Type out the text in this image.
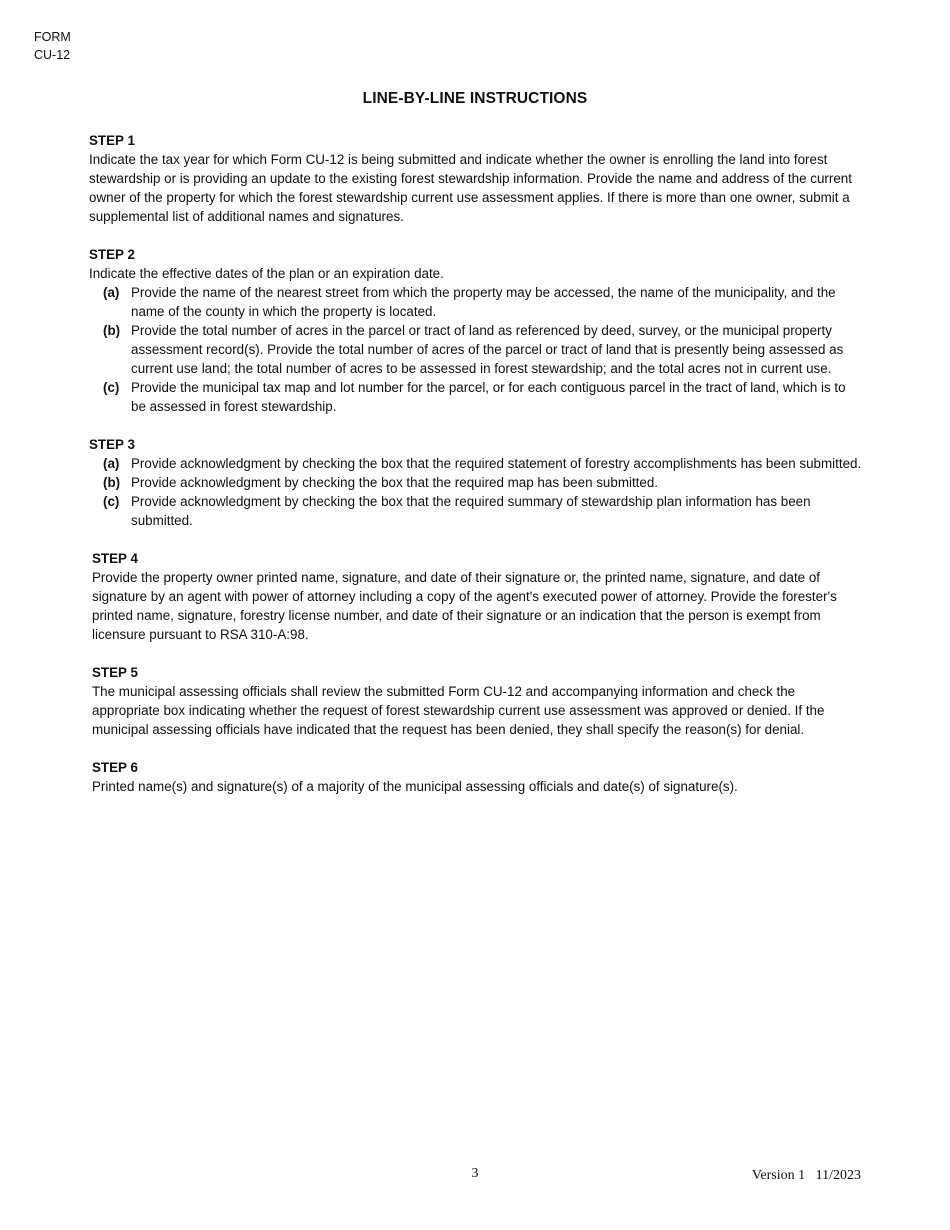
FORM
CU-12
LINE-BY-LINE INSTRUCTIONS
STEP 1

Indicate the tax year for which Form CU-12 is being submitted and indicate whether the owner is enrolling the land into forest stewardship or is providing an update to the existing forest stewardship information. Provide the name and address of the current owner of the property for which the forest stewardship current use assessment applies. If there is more than one owner, submit a supplemental list of additional names and signatures.

STEP 2

Indicate the effective dates of the plan or an expiration date.

(a) Provide the name of the nearest street from which the property may be accessed, the name of the municipality, and the name of the county in which the property is located.
(b) Provide the total number of acres in the parcel or tract of land as referenced by deed, survey, or the municipal property assessment record(s). Provide the total number of acres of the parcel or tract of land that is presently being assessed as current use land; the total number of acres to be assessed in forest stewardship; and the total acres not in current use.
(c) Provide the municipal tax map and lot number for the parcel, or for each contiguous parcel in the tract of land, which is to be assessed in forest stewardship.
STEP 3
(a) Provide acknowledgment by checking the box that the required statement of forestry accomplishments has been submitted.
(b) Provide acknowledgment by checking the box that the required map has been submitted.
(c) Provide acknowledgment by checking the box that the required summary of stewardship plan information has been submitted.
STEP 4

Provide the property owner printed name, signature, and date of their signature or, the printed name, signature, and date of signature by an agent with power of attorney including a copy of the agent's executed power of attorney. Provide the forester's printed name, signature, forestry license number, and date of their signature or an indication that the person is exempt from licensure pursuant to RSA 310-A:98.

STEP 5

The municipal assessing officials shall review the submitted Form CU-12 and accompanying information and check the appropriate box indicating whether the request of forest stewardship current use assessment was approved or denied. If the municipal assessing officials have indicated that the request has been denied, they shall specify the reason(s) for denial.

STEP 6

Printed name(s) and signature(s) of a majority of the municipal assessing officials and date(s) of signature(s).

3	Version 1   11/2023
